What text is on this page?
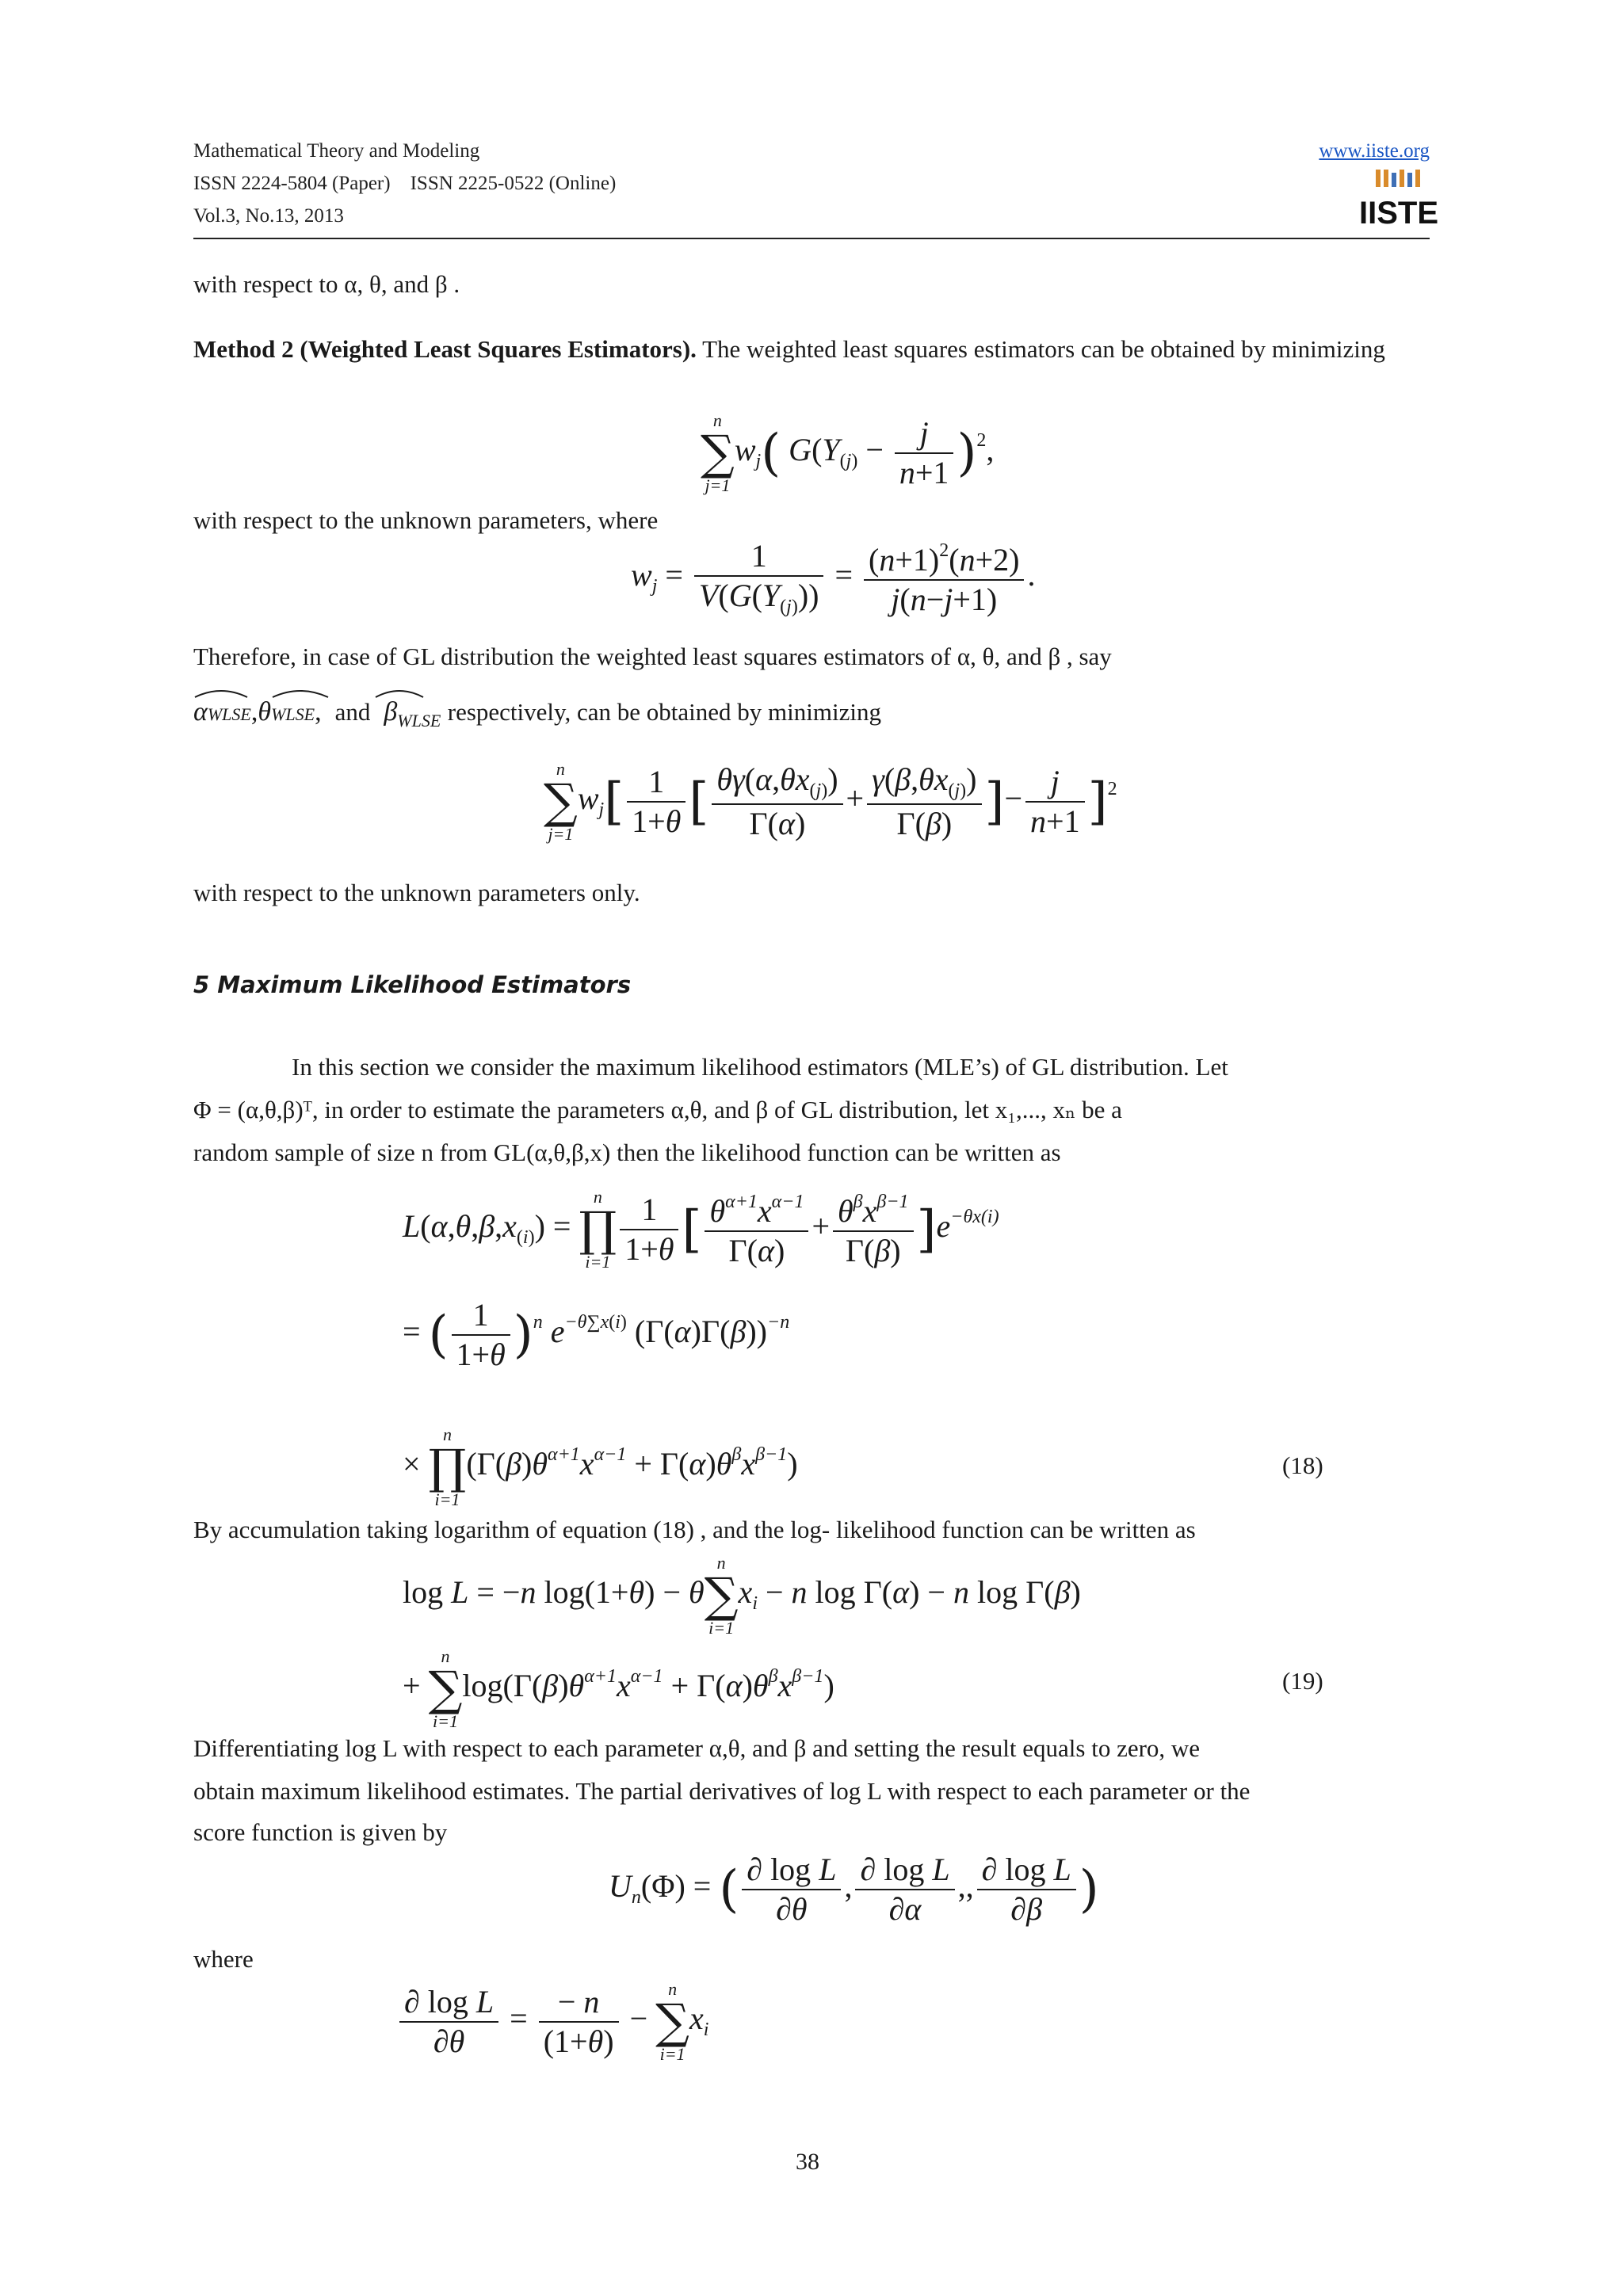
Mathematical Theory and Modeling
ISSN 2224-5804 (Paper)    ISSN 2225-0522 (Online)
Vol.3, No.13, 2013
www.iiste.org
IISTE
with respect to α, θ, and β .
Method 2 (Weighted Least Squares Estimators). The weighted least squares estimators can be obtained by minimizing
n
∑
j=1
$w_j$( $G(Y_{(j)} - \frac{j}{n+1} )^2$,
with respect to the unknown parameters, where
$w_j = \frac{1}{V(G(Y_{(j)}))} = \frac{(n+1)^2(n+2)}{j(n-j+1)}$ .
Therefore, in case of GL distribution the weighted least squares estimators of α, θ, and β , say
αWLSE,θWLSE,  and $\beta_{WLSE}$ respectively, can be obtained by minimizing
n
∑
j=1
$w_j[ \frac{1}{1+\theta}$ [ $\frac{\theta\gamma(\alpha,\theta x_{(j)})}{\Gamma(\alpha)} + \frac{\gamma(\beta,\theta x_{(j)})}{\Gamma(\beta)}$ ]− $\frac{j}{n+1} ]^2$
with respect to the unknown parameters only.
5 Maximum Likelihood Estimators
In this section we consider the maximum likelihood estimators (MLE’s) of GL distribution. Let
Φ = (α,θ,β)ᵀ, in order to estimate the parameters α,θ, and β of GL distribution, let x₁,..., xₙ be a
random sample of size n from GL(α,θ,β,x) then the likelihood function can be written as
$L(\alpha,\theta,\beta,x_{(i)})$ =
n
∏
$i=1 \frac{1}{1+\theta}$ [ $\frac{\theta^{\alpha+1}x^{\alpha-1}}{\Gamma(\alpha)} + \frac{\theta^\beta x^{\beta-1}}{\Gamma(\beta)} ]e^{-\theta x(i)}$
= ( $\frac{1}{1+\theta} )^n$ $e^{-\theta\sum x(i)}$ $(\Gamma(\alpha)\Gamma(\beta))^{-n}$
×
n
∏
i=1
$(\Gamma(\beta)\theta^{\alpha+1}x^{\alpha-1} + \Gamma(\alpha)\theta^\beta x^{\beta-1})$	(18)
By accumulation taking logarithm of equation (18) , and the log- likelihood function can be written as
log L = −n log(1+θ) − θ
n
∑
i=1
$x_i - n$ log Γ(α) − n log Γ(β)
+
n
∑
i=1
$\log(\Gamma(\beta)\theta^{\alpha+1}x^{\alpha-1} + \Gamma(\alpha)\theta^\beta x^{\beta-1})$	(19)
Differentiating log L with respect to each parameter α,θ, and β and setting the result equals to zero, we
obtain maximum likelihood estimates. The partial derivatives of log L with respect to each parameter or the
score function is given by
$U_n(\Phi)$ = ( $\frac{\text{∂ log L}}{\partial\theta}$ , $\frac{\text{∂ log L}}{\partial\alpha}$ ,, $\frac{\text{∂ log L}}{\partial\beta}$ )
where
$\frac{\text{∂ log L}}{\partial\theta} = \frac{- n}{(1+\theta)}$ −
n
∑
i=1
$x_i$
38
